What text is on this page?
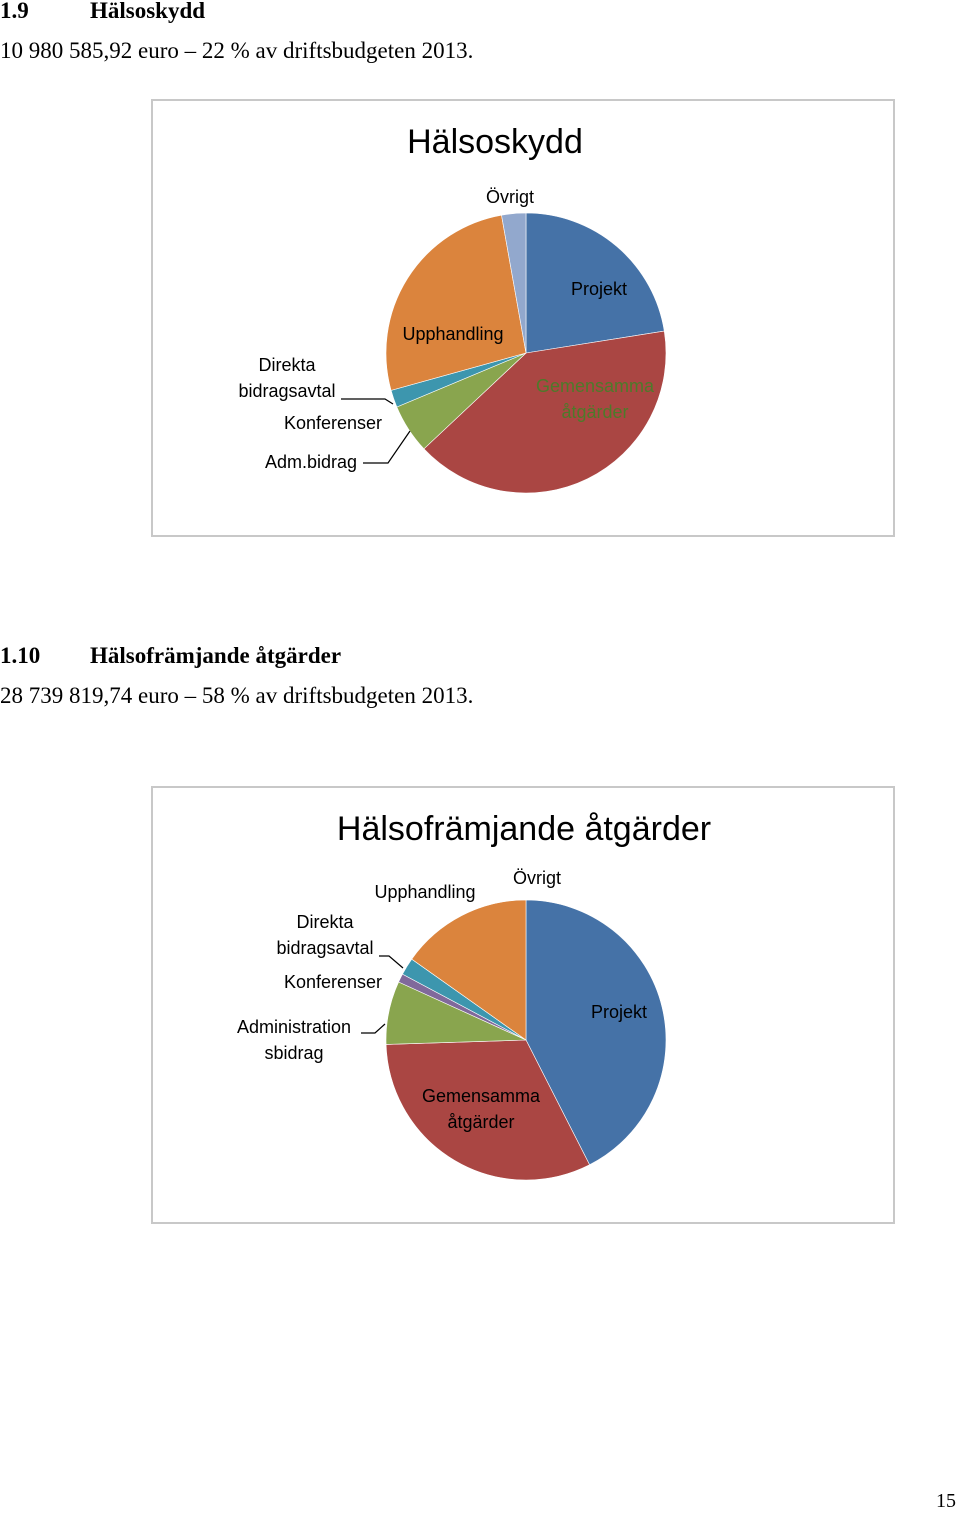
1.9	Hälsoskydd

10 980 585,92 euro – 22 % av driftsbudgeten 2013.

Hälsoskydd
Övrigt
Projekt
Upphandling
Gemensamma
åtgärder
Direkta
bidragsavtal
Konferenser
Adm.bidrag
1.10 Hälsofrämjande åtgärder

28 739 819,74 euro – 58 % av driftsbudgeten 2013.

Hälsofrämjande åtgärder
Övrigt
Upphandling
Direkta
bidragsavtal
Konferenser
Administration
sbidrag
Projekt
Gemensamma
åtgärder

15
